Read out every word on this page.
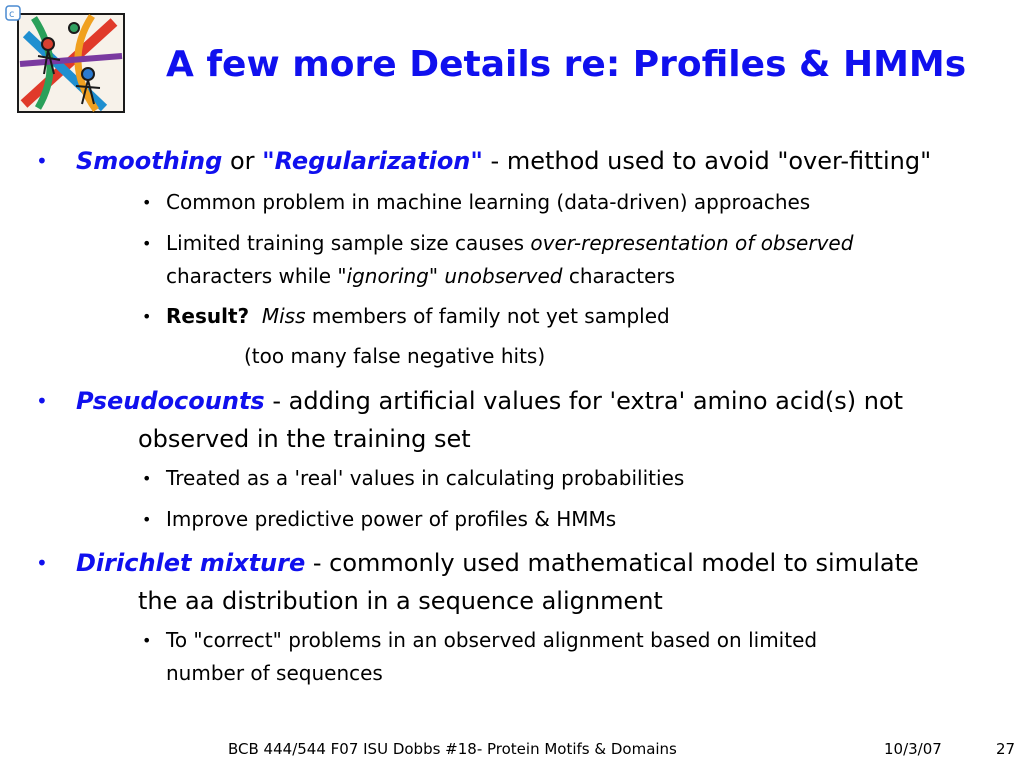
c
A few more Details re: Profiles & HMMs
• Smoothing or "Regularization" - method used to avoid "over-fitting"
• Common problem in machine learning (data-driven) approaches
• Limited training sample size causes over-representation of observed
characters while "ignoring" unobserved characters
• Result? Miss members of family not yet sampled
(too many false negative hits)
• Pseudocounts - adding artificial values for 'extra' amino acid(s) not
observed in the training set
• Treated as a 'real' values in calculating probabilities
• Improve predictive power of profiles & HMMs
• Dirichlet mixture - commonly used mathematical model to simulate
the aa distribution in a sequence alignment
• To "correct" problems in an observed alignment based on limited
number of sequences
BCB 444/544 F07 ISU Dobbs #18- Protein Motifs & Domains	10/3/07	27
